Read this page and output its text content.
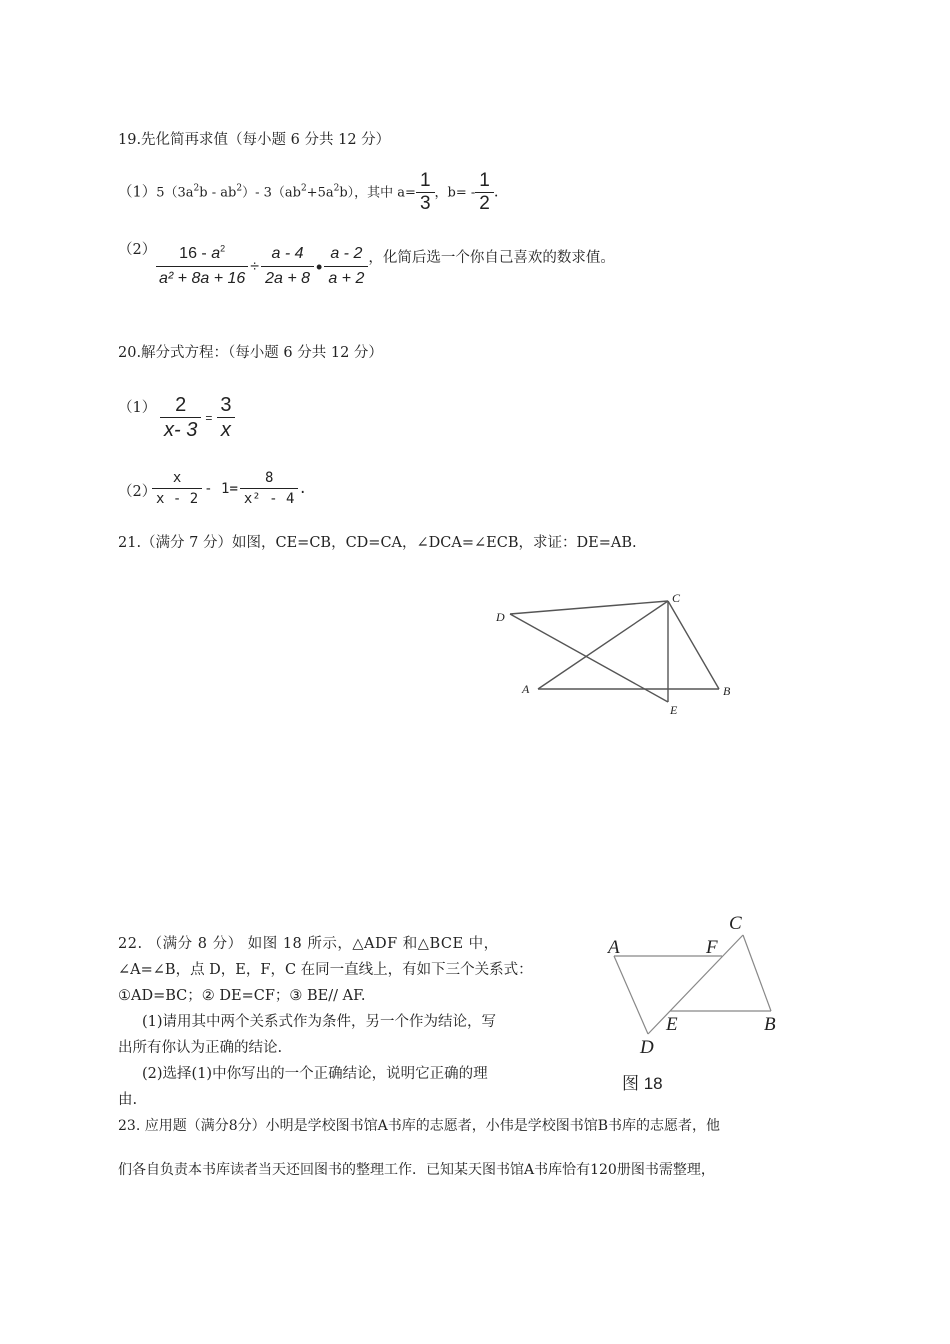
19.先化简再求值（每小题 6 分共 12 分）
$(1)5(3a^2b - ab^2)-$ $3(ab^2+5a^2b)$，其中 $a= \frac{1}{3}$ ，$b= - \frac{1}{2}$ .
$(2) \frac{16 - a^2}{\text{a² + 8a + 16}} \div \frac{a - 4}{2a + 8}$ • $\frac{a - 2}{a + 2}$ ，化简后选一个你自己喜欢的数求值。
20.解分式方程：（每小题 6 分共 12 分）
$(1) \frac{2}{x- 3} = \frac{3}{x}$
（2）
$\frac{x}{x - 2} - 1= \frac{8}{\text{x² - 4}}$ .
21.（满分 7 分）如图，CE=CB，CD=CA，∠DCA=∠ECB，求证：DE=AB.
C
D
A	B
E
22. （满分 8 分） 如图 18 所示，△ADF 和△BCE 中，
∠A=∠B，点 D，E，F，C 在同一直线上，有如下三个关系式：
①AD=BC；② DE=CF；③ BE// AF.
(1)请用其中两个关系式作为条件，另一个作为结论，写
出所有你认为正确的结论.
(2)选择(1)中你写出的一个正确结论，说明它正确的理
由.
A	F
C
E	B
D
图 18
23. 应用题（满分8分）小明是学校图书馆A书库的志愿者，小伟是学校图书馆B书库的志愿者，他
们各自负责本书库读者当天还回图书的整理工作．已知某天图书馆A书库恰有120册图书需整理，
